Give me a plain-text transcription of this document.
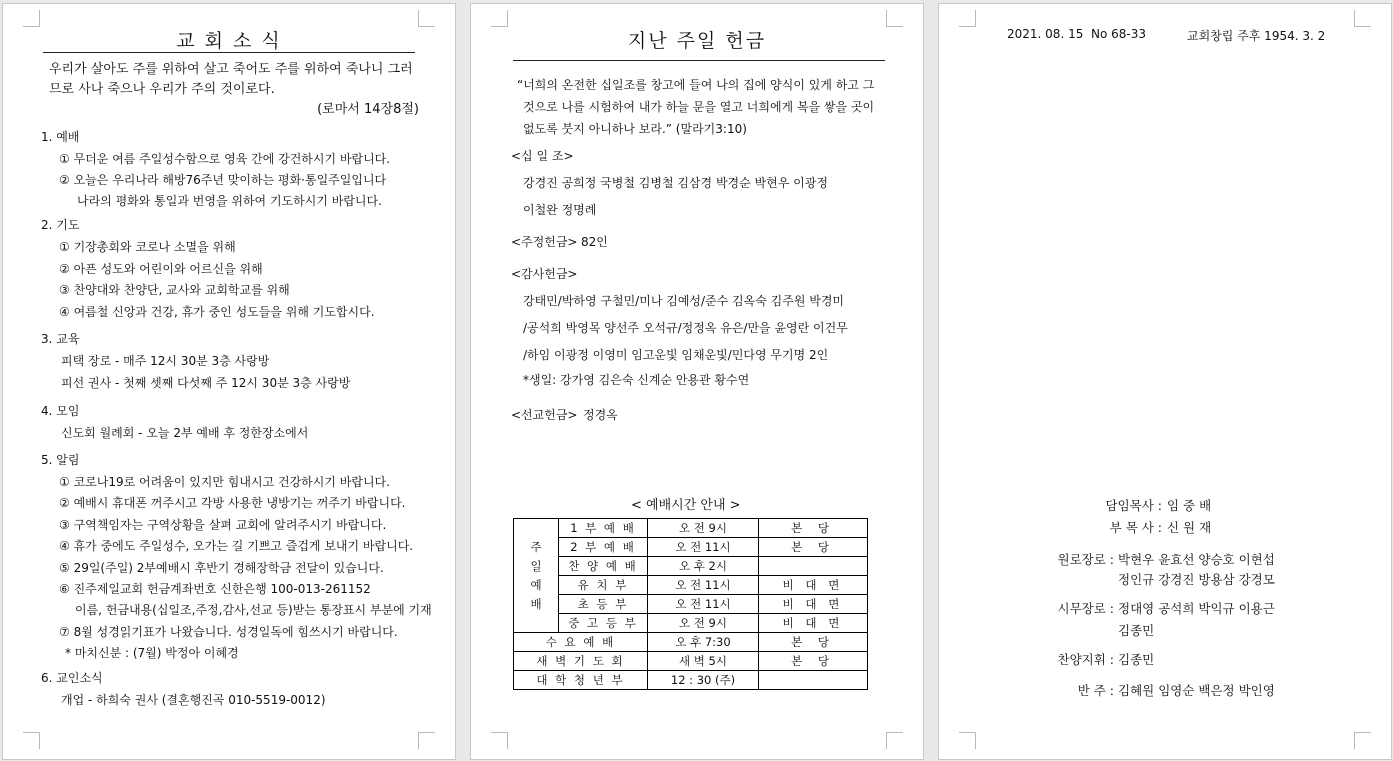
교 회 소 식
우리가 살아도 주를 위하여 살고 죽어도 주를 위하여 죽나니 그러므로 사나 죽으나 우리가 주의 것이로다.
(로마서 14장8절)
1. 예배
① 무더운 여름 주일성수함으로 영육 간에 강건하시기 바랍니다.
② 오늘은 우리나라 해방76주년 맞이하는 평화·통일주일입니다
나라의 평화와 통일과 번영을 위하여 기도하시기 바랍니다.
2. 기도
① 기장총회와 코로나 소멸을 위해
② 아픈 성도와 어린이와 어르신을 위해
③ 찬양대와 찬양단, 교사와 교회학교를 위해
④ 여름철 신앙과 건강, 휴가 중인 성도들을 위해 기도합시다.
3. 교육
피택 장로 - 매주 12시 30분 3층 사랑방
피선 권사 - 첫째 셋째 다섯째 주 12시 30분 3층 사랑방
4. 모임
신도회 월례회 - 오늘 2부 예배 후 정한장소에서
5. 알림
① 코로나19로 어려움이 있지만 힘내시고 건강하시기 바랍니다.
② 예배시 휴대폰 꺼주시고 각방 사용한 냉방기는 꺼주기 바랍니다.
③ 구역책임자는 구역상황을 살펴 교회에 알려주시기 바랍니다.
④ 휴가 중에도 주일성수, 오가는 길 기쁘고 즐겁게 보내기 바랍니다.
⑤ 29일(주일) 2부예배시 후반기 경해장학금 전달이 있습니다.
⑥ 진주제일교회 헌금계좌번호 신한은행 100-013-261152
이름, 헌금내용(십일조,주정,감사,선교 등)받는 통장표시 부분에 기재
⑦ 8월 성경읽기표가 나왔습니다. 성경일독에 힘쓰시기 바랍니다.
* 마치신분 : (7월) 박정아 이혜경
6. 교인소식
개업 - 하희숙 권사 (결혼행진곡 010-5519-0012)
지난 주일 헌금
“너희의 온전한 십일조를 창고에 들여 나의 집에 양식이 있게 하고 그것으로 나를 시험하여 내가 하늘 문을 열고 너희에게 복을 쌓을 곳이 없도록 붓지 아니하나 보라.” (말라기3:10)
<십 일 조>
강경진 공희정 국병철 김병철 김삼경 박경순 박현우 이광정
이철완 정명례
<주정헌금> 82인
<감사헌금>
강태민/박하영 구철민/미나 김예성/준수 김옥숙 김주원 박경미
/공석희 박영목 양선주 오석규/정정옥 유은/만을 윤영란 이건무
/하임 이광정 이영미 임고운빛 임채운빛/민다영 무기명 2인
*생일: 강가영 김은숙 신계순 안용관 황수연
<선교헌금> 정경옥
< 예배시간 안내 >
주일예배	1 부 예 배	오 전 9시	본 당
	2 부 예 배	오 전 11시	본 당
	찬 양 예 배	오 후 2시	
	유 치 부	오 전 11시	비 대 면
	초 등 부	오 전 11시	비 대 면
	중 고 등 부	오 전 9시	비 대 면
수 요 예 배		오 후 7:30	본 당
새 벽 기 도 회		새 벽 5시	본 당
대 학 청 년 부		12 : 30 (주)	
2021. 08. 15 No 68-33	교회창립 주후 1954. 3. 2
담임목사 : 임 중 배
부 목 사 : 신 원 재
원로장로 : 박현우 윤효선 양승호 이현섭
정인규 강경진 방용삼 강경모
시무장로 : 정대영 공석희 박익규 이용근
김종민
찬양지휘 : 김종민
반 주 : 김혜원 임영순 백은정 박인영
